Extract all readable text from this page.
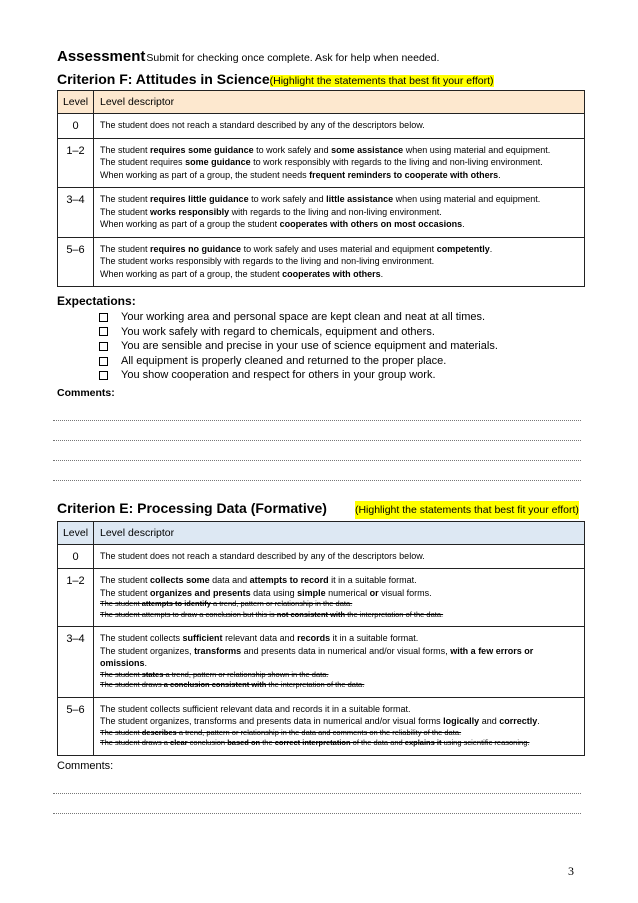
Assessment Submit for checking once complete. Ask for help when needed.
Criterion F: Attitudes in Science(Highlight the statements that best fit your effort)
Level	Level descriptor
0	The student does not reach a standard described by any of the descriptors below.
1–2	The student requires some guidance to work safely and some assistance when using material and equipment.
The student requires some guidance to work responsibly with regards to the living and non-living environment.
When working as part of a group, the student needs frequent reminders to cooperate with others.

3–4	The student requires little guidance to work safely and little assistance when using material and equipment.
The student works responsibly with regards to the living and non-living environment.
When working as part of a group the student cooperates with others on most occasions.

5–6	The student requires no guidance to work safely and uses material and equipment competently.
The student works responsibly with regards to the living and non-living environment.
When working as part of a group, the student cooperates with others.
Expectations:
Your working area and personal space are kept clean and neat at all times.
You work safely with regard to chemicals, equipment and others.
You are sensible and precise in your use of science equipment and materials.
All equipment is properly cleaned and returned to the proper place.
You show cooperation and respect for others in your group work.
Comments:
Criterion E: Processing Data (Formative)	(Highlight the statements that best fit your effort)
Level	Level descriptor
0	The student does not reach a standard described by any of the descriptors below.
1–2	The student collects some data and attempts to record it in a suitable format.
The student organizes and presents data using simple numerical or visual forms.
The student attempts to identify a trend, pattern or relationship in the data.
The student attempts to draw a conclusion but this is not consistent with the interpretation of the data.

3–4	The student collects sufficient relevant data and records it in a suitable format.
The student organizes, transforms and presents data in numerical and/or visual forms, with a few errors or omissions.
The student states a trend, pattern or relationship shown in the data.
The student draws a conclusion consistent with the interpretation of the data.

5–6	The student collects sufficient relevant data and records it in a suitable format.
The student organizes, transforms and presents data in numerical and/or visual forms logically and correctly.
The student describes a trend, pattern or relationship in the data and comments on the reliability of the data.
The student draws a clear conclusion based on the correct interpretation of the data and explains it using scientific reasoning.
Comments:
3
